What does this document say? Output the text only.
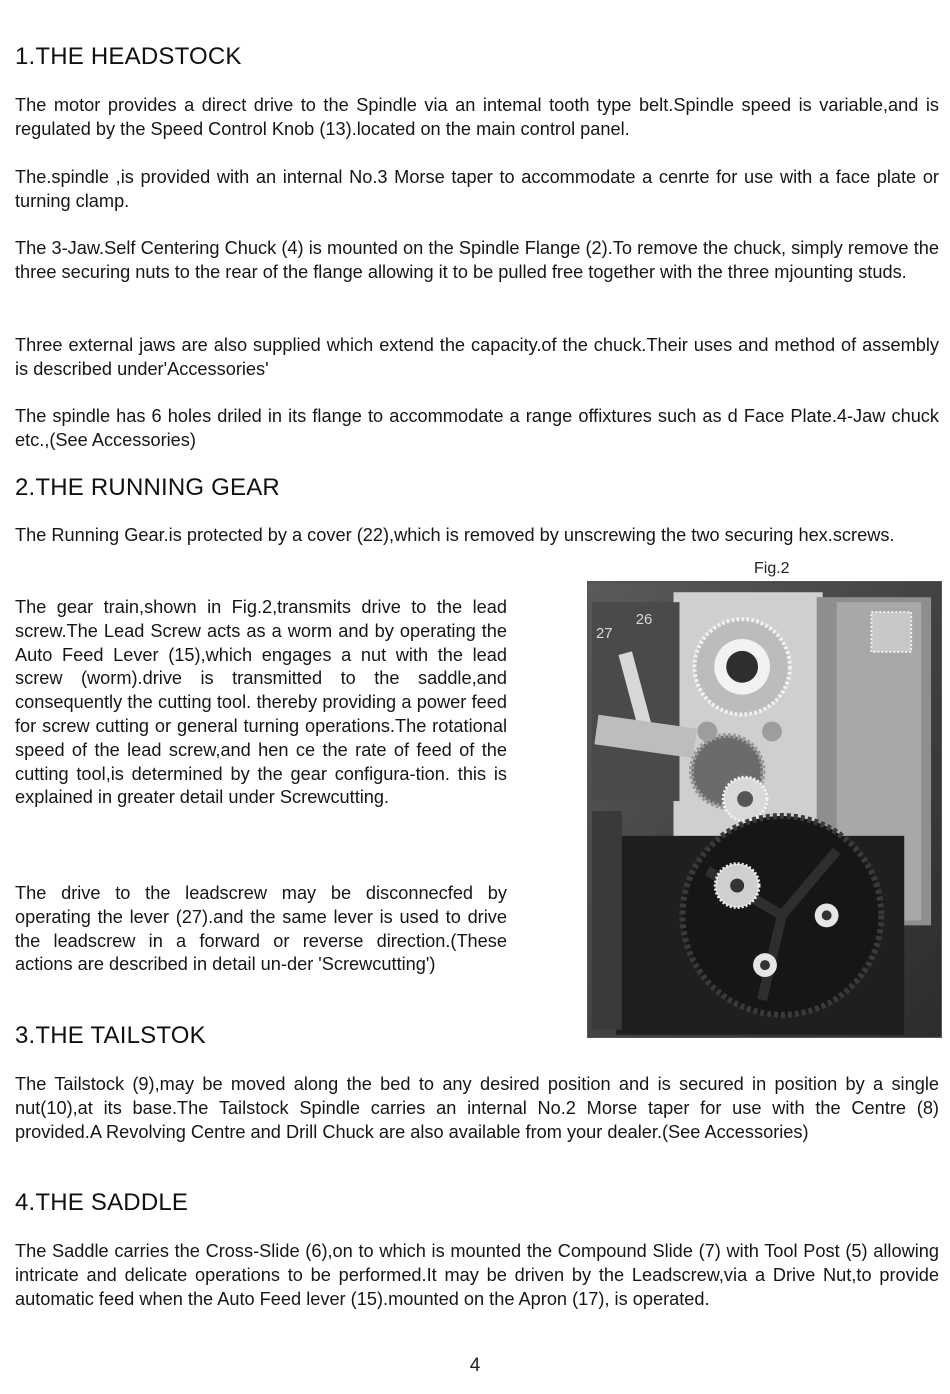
1.THE HEADSTOCK

The motor provides a direct drive to the Spindle via an intemal tooth type belt.Spindle speed is variable,and is regulated by the Speed Control Knob (13).located on the main control panel.

The.spindle ,is provided with an internal No.3 Morse taper to accommodate a cenrte for use with a face plate or turning clamp.

The 3-Jaw.Self Centering Chuck (4) is mounted on the Spindle Flange (2).To remove the chuck, simply remove the three securing nuts to the rear of the flange allowing it to be pulled free together with the three mjounting studs.

Three external jaws are also supplied which extend the capacity.of the chuck.Their uses and method of assembly is described under'Accessories'

The spindle has 6 holes driled in its flange to accommodate a range offixtures such as d Face Plate.4-Jaw chuck etc.,(See Accessories)

2.THE RUNNING GEAR

The Running Gear.is protected by a cover (22),which is removed by unscrewing the two securing hex.screws.

The gear train,shown in Fig.2,transmits drive to the lead screw.The Lead Screw acts as a worm and by operating the Auto Feed Lever (15),which engages a nut with the lead screw (worm).drive is transmitted to the saddle,and consequently the cutting tool. thereby providing a power feed for screw cutting or general turning operations.The rotational speed of the lead screw,and hen ce the rate of feed of the cutting tool,is determined by the gear configura-tion. this is explained in greater detail under Screwcutting.

The drive to the leadscrew may be disconnecfed by operating the lever (27).and the same lever is used to drive the leadscrew in a forward or reverse direction.(These actions are described in detail un-der 'Screwcutting')

Fig.2
27
26
3.THE TAILSTOK

The Tailstock (9),may be moved along the bed to any desired position and is secured in position by a single nut(10),at its base.The Tailstock Spindle carries an internal No.2 Morse taper for use with the Centre (8) provided.A Revolving Centre and Drill Chuck are also available from your dealer.(See Accessories)

4.THE SADDLE

The Saddle carries the Cross-Slide (6),on to which is mounted the Compound Slide (7) with Tool Post (5) allowing intricate and delicate operations to be performed.It may be driven by the Leadscrew,via a Drive Nut,to provide automatic feed when the Auto Feed lever (15).mounted on the Apron (17), is operated.

4
